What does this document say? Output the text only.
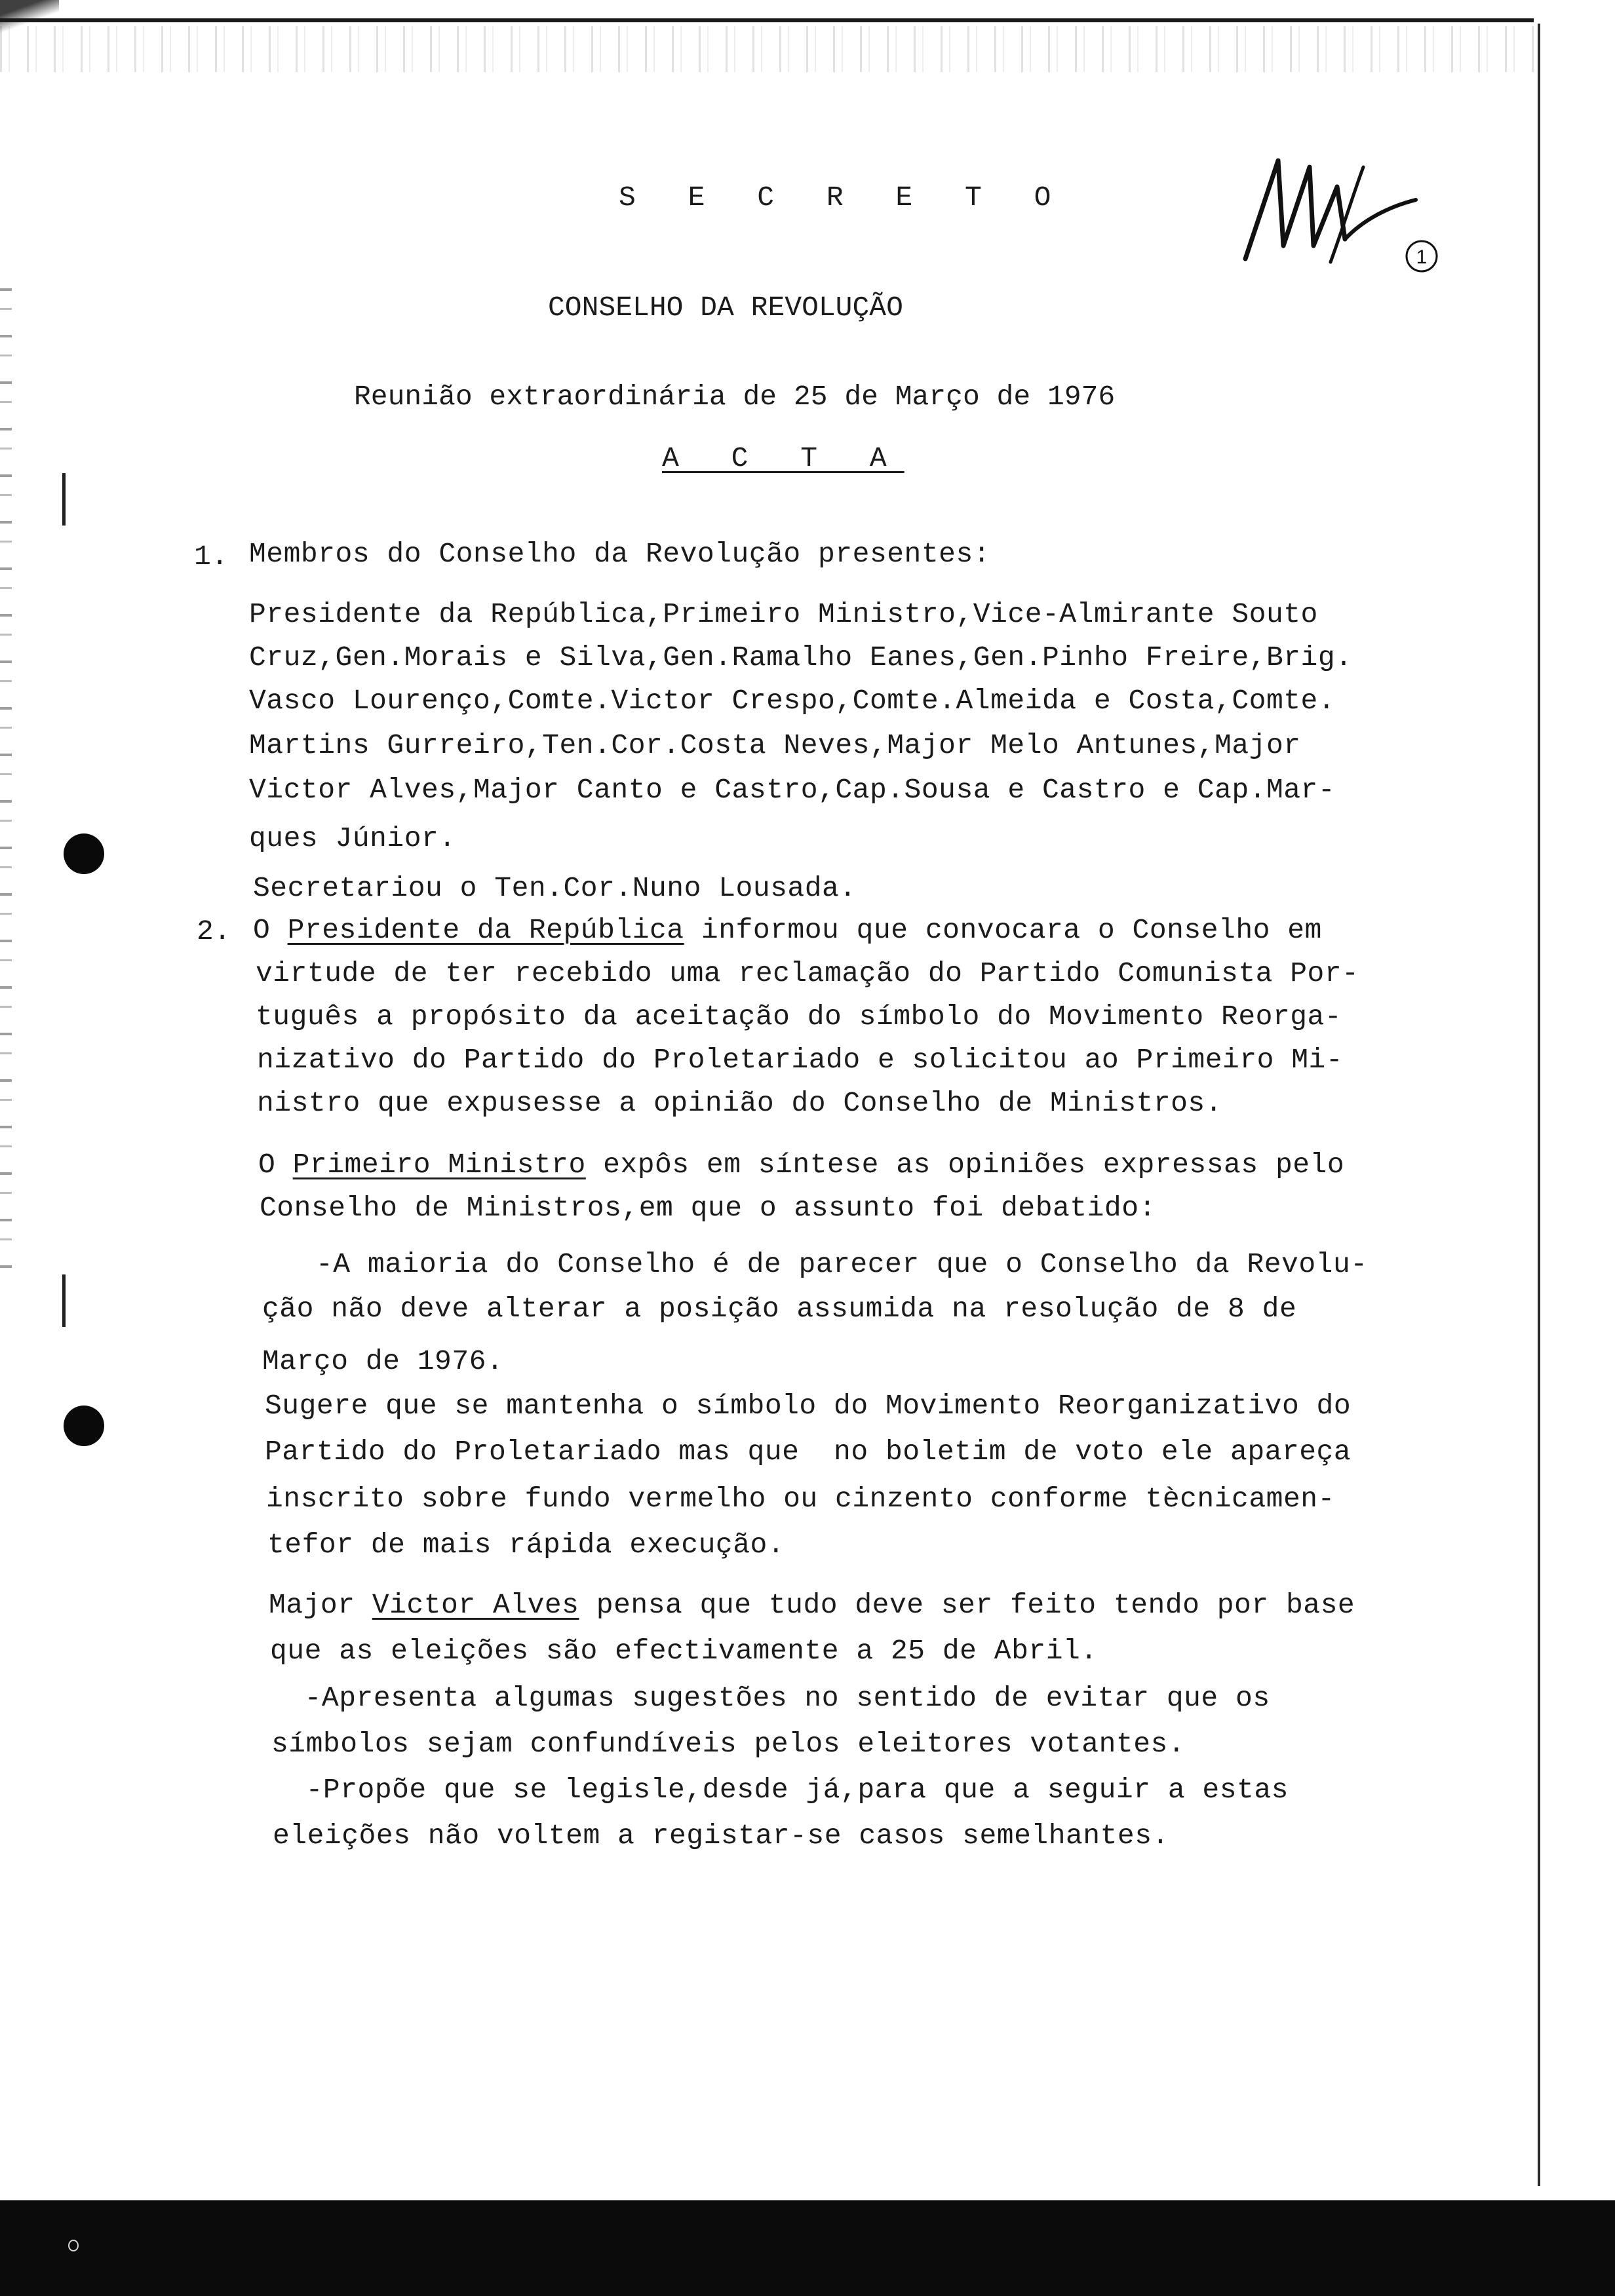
S E C R E T O
CONSELHO DA REVOLUÇÃO
Reunião extraordinária de 25 de Março de 1976
A C T A
1
1. Membros do Conselho da Revolução presentes:
Presidente da República,Primeiro Ministro,Vice-Almirante Souto
Cruz,Gen.Morais e Silva,Gen.Ramalho Eanes,Gen.Pinho Freire,Brig.
Vasco Lourenço,Comte.Victor Crespo,Comte.Almeida e Costa,Comte.
Martins Gurreiro,Ten.Cor.Costa Neves,Major Melo Antunes,Major
Victor Alves,Major Canto e Castro,Cap.Sousa e Castro e Cap.Mar-
ques Júnior.
Secretariou o Ten.Cor.Nuno Lousada.
2. O Presidente da República informou que convocara o Conselho em
virtude de ter recebido uma reclamação do Partido Comunista Por-
tuguês a propósito da aceitação do símbolo do Movimento Reorga-
nizativo do Partido do Proletariado e solicitou ao Primeiro Mi-
nistro que expusesse a opinião do Conselho de Ministros.
O Primeiro Ministro expôs em síntese as opiniões expressas pelo
Conselho de Ministros,em que o assunto foi debatido:
-A maioria do Conselho é de parecer que o Conselho da Revolu-
ção não deve alterar a posição assumida na resolução de 8 de
Março de 1976.
Sugere que se mantenha o símbolo do Movimento Reorganizativo do
Partido do Proletariado mas que  no boletim de voto ele apareça
inscrito sobre fundo vermelho ou cinzento conforme tècnicamen-
tefor de mais rápida execução.
Major Victor Alves pensa que tudo deve ser feito tendo por base
que as eleições são efectivamente a 25 de Abril.
-Apresenta algumas sugestões no sentido de evitar que os
símbolos sejam confundíveis pelos eleitores votantes.
-Propõe que se legisle,desde já,para que a seguir a estas
eleições não voltem a registar-se casos semelhantes.
